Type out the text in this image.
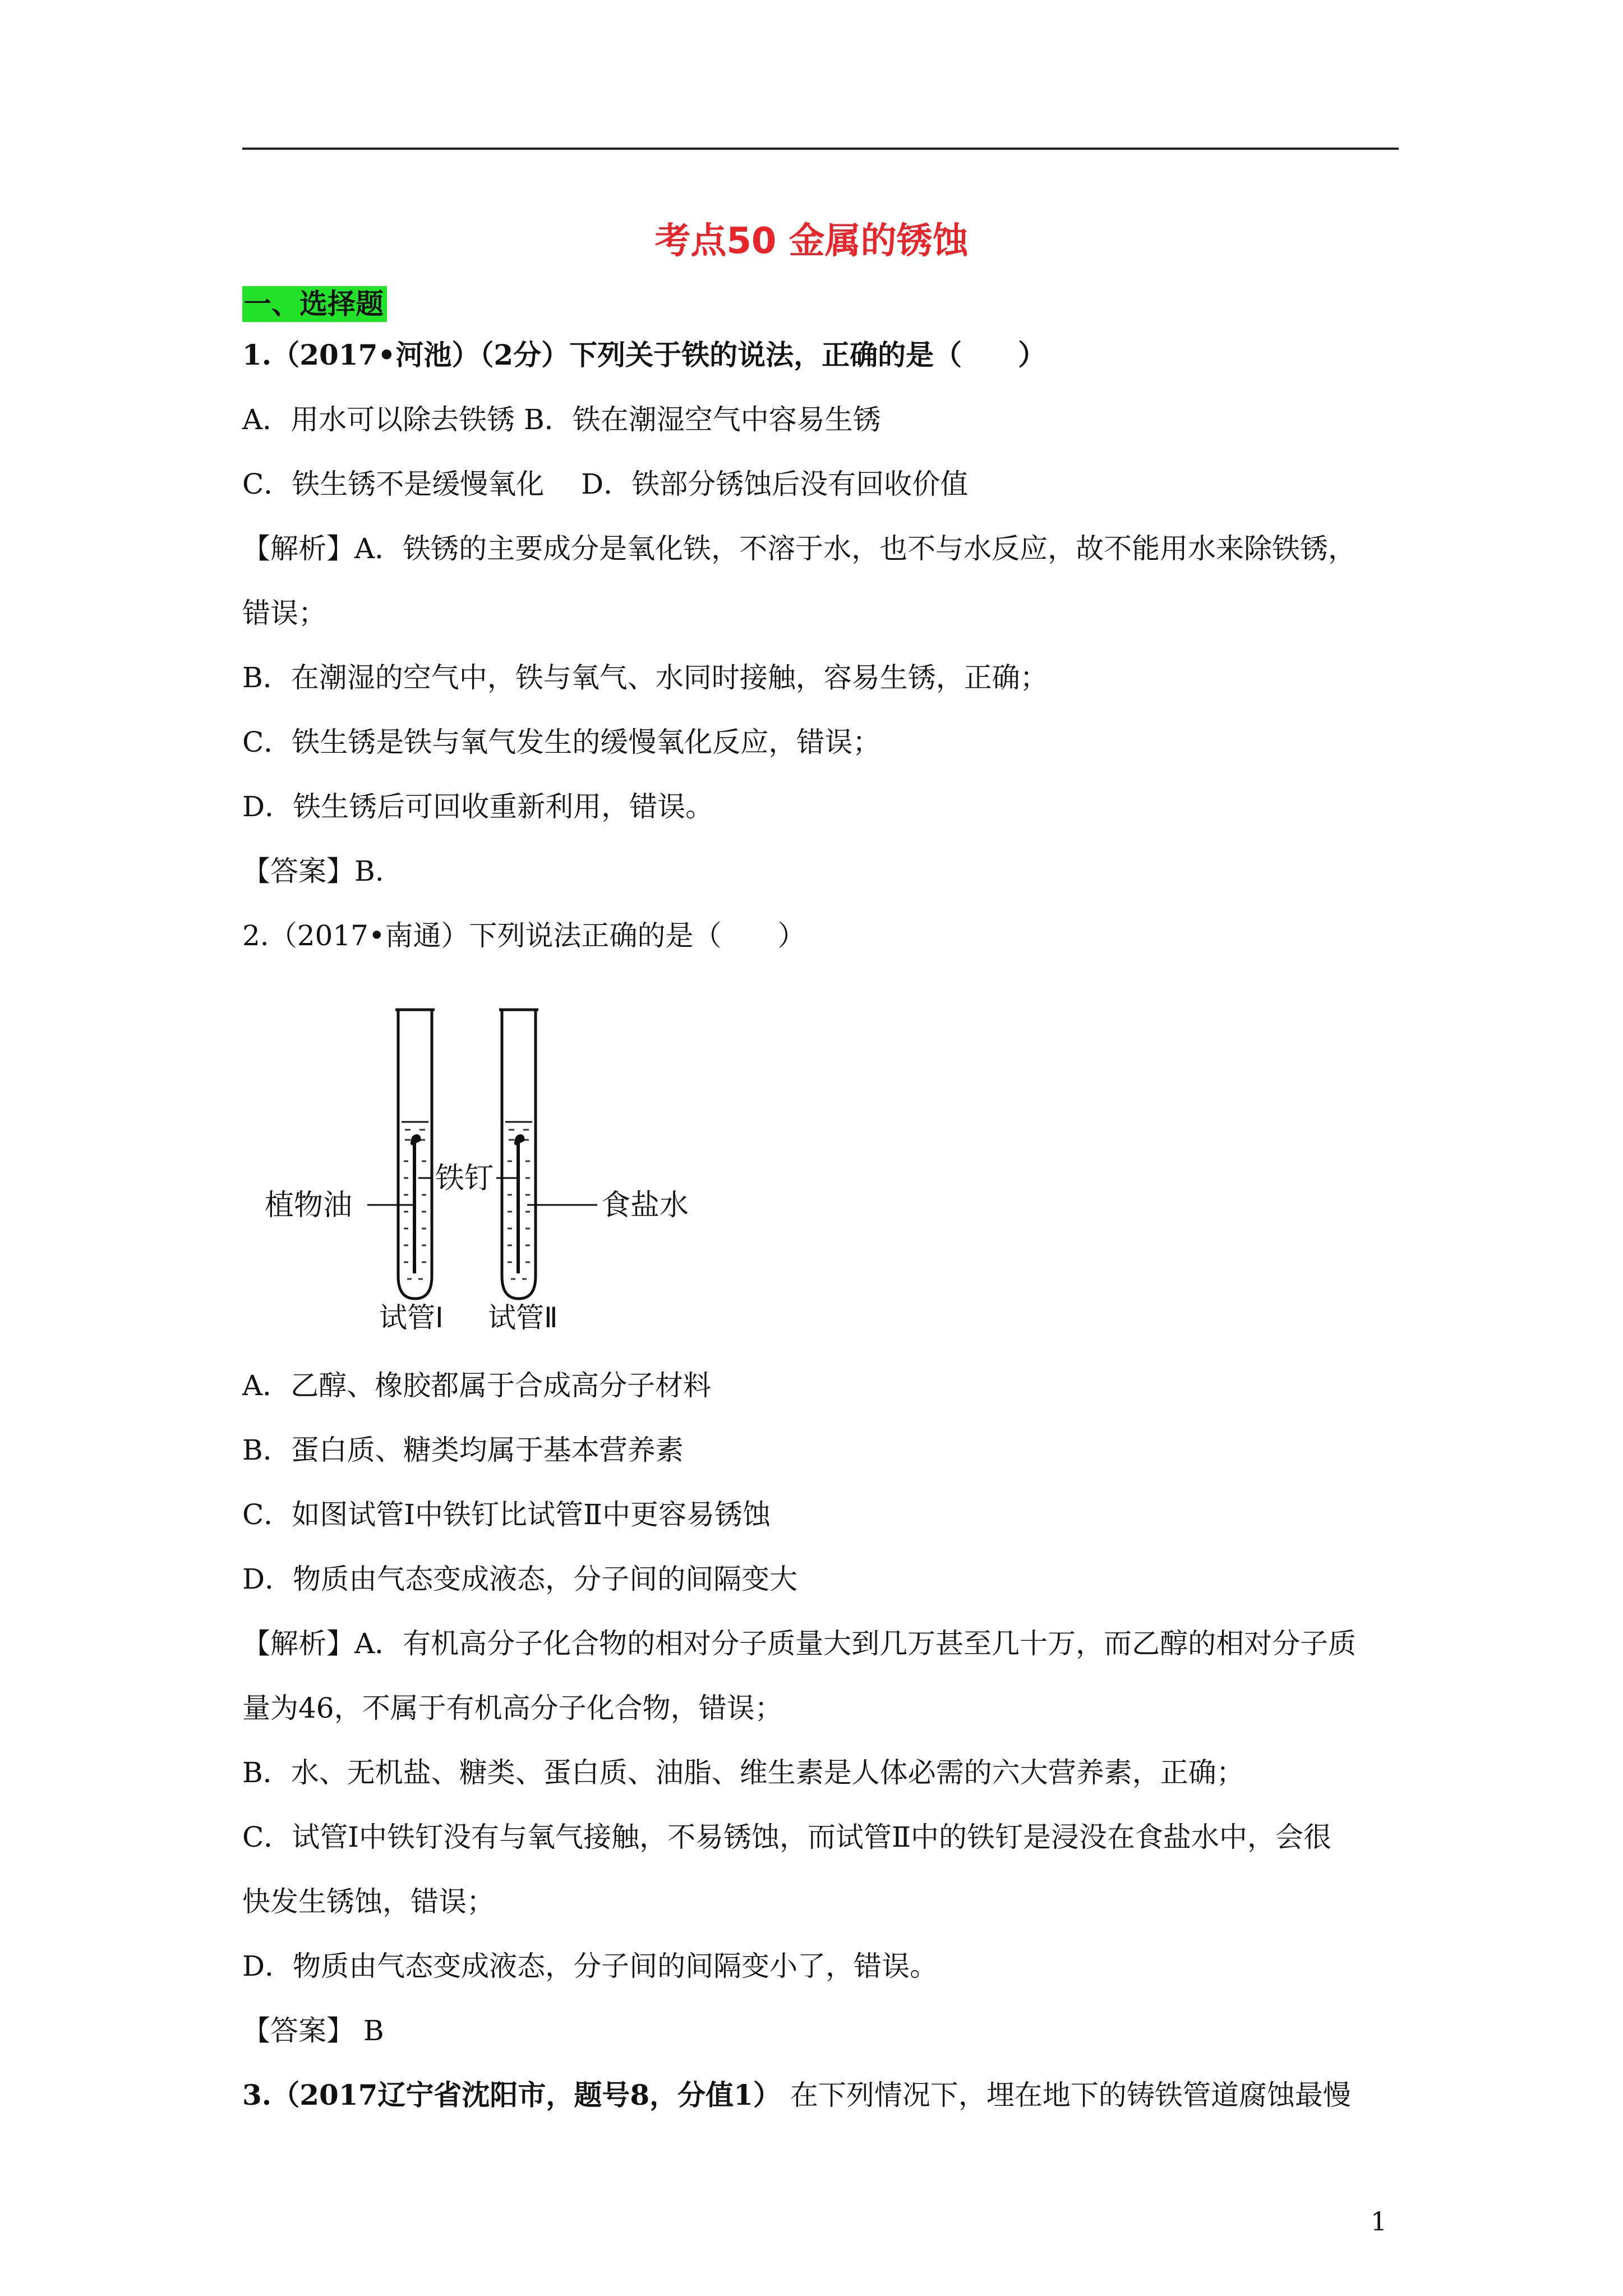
考点50 金属的锈蚀
一、选择题
1.（2017•河池）（2分）下列关于铁的说法，正确的是（　　）
A．用水可以除去铁锈 B．铁在潮湿空气中容易生锈
C．铁生锈不是缓慢氧化　 D．铁部分锈蚀后没有回收价值
【解析】A．铁锈的主要成分是氧化铁，不溶于水，也不与水反应，故不能用水来除铁锈，
错误；
B．在潮湿的空气中，铁与氧气、水同时接触，容易生锈，正确；
C．铁生锈是铁与氧气发生的缓慢氧化反应，错误；
D．铁生锈后可回收重新利用，错误。
【答案】B.
2.（2017•南通）下列说法正确的是（　　）
植物油
铁钉
食盐水
试管Ⅰ 试管Ⅱ
A．乙醇、橡胶都属于合成高分子材料
B．蛋白质、糖类均属于基本营养素
C．如图试管Ⅰ中铁钉比试管Ⅱ中更容易锈蚀
D．物质由气态变成液态，分子间的间隔变大
【解析】A．有机高分子化合物的相对分子质量大到几万甚至几十万，而乙醇的相对分子质
量为46，不属于有机高分子化合物，错误；
B．水、无机盐、糖类、蛋白质、油脂、维生素是人体必需的六大营养素，正确；
C．试管Ⅰ中铁钉没有与氧气接触，不易锈蚀，而试管Ⅱ中的铁钉是浸没在食盐水中，会很
快发生锈蚀，错误；
D．物质由气态变成液态，分子间的间隔变小了，错误。
【答案】 B
3.（2017辽宁省沈阳市，题号8，分值1） 在下列情况下，埋在地下的铸铁管道腐蚀最慢
1
